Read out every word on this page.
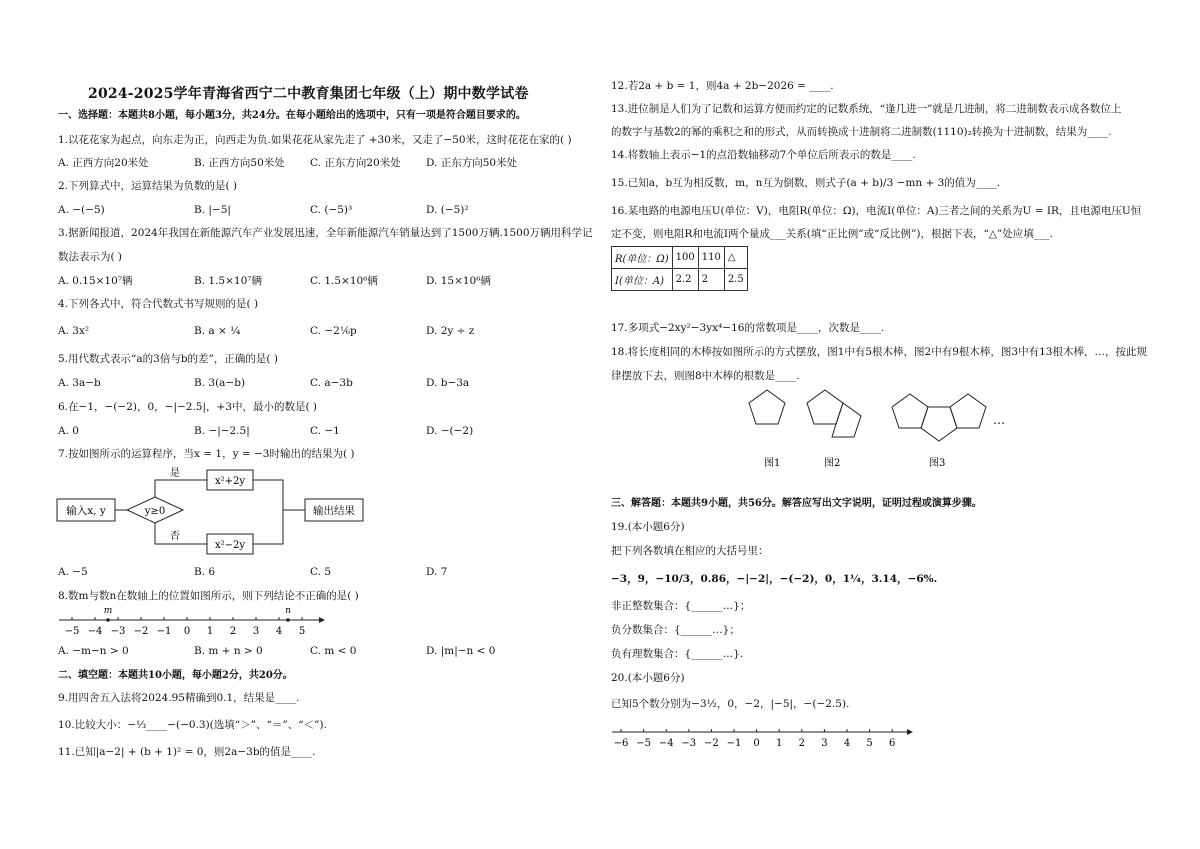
2024-2025学年青海省西宁二中教育集团七年级（上）期中数学试卷
一、选择题：本题共8小题，每小题3分，共24分。在每小题给出的选项中，只有一项是符合题目要求的。
1.以花花家为起点，向东走为正，向西走为负.如果花花从家先走了 +30米，又走了−50米，这时花花在家的( )
A. 正西方向20米处	B. 正西方向50米处 C. 正东方向20米处 D. 正东方向50米处
2.下列算式中，运算结果为负数的是( )
A. −(−5)	B. |−5|	C. (−5)³	D. (−5)²
3.据新闻报道，2024年我国在新能源汽车产业发展迅速，全年新能源汽车销量达到了1500万辆.1500万辆用科学记
数法表示为( )
A. 0.15×10⁷辆	B. 1.5×10⁷辆	C. 1.5×10⁶辆	D. 15×10⁶辆
4.下列各式中，符合代数式书写规则的是( )
A. 3x²	B. a × ¼	C. −2⅙p	D. 2y ÷ z
5.用代数式表示“a的3倍与b的差”，正确的是( )
A. 3a−b	B. 3(a−b)	C. a−3b	D. b−3a
6.在−1，−(−2)，0，−|−2.5|，+3中，最小的数是( )
A. 0	B. −|−2.5|	C. −1	D. −(−2)
7.按如图所示的运算程序，当x = 1，y = −3时输出的结果为( )
输入x, y	y≥0
是
否
x²+2y
x²−2y
输出结果
A. −5	B. 6	C. 5	D. 7
8.数m与数n在数轴上的位置如图所示，则下列结论不正确的是( )
m	n
−5 −4 −3 −2 −1 0 1 2 3 4 5
A. −m−n > 0	B. m + n > 0	C. m < 0	D. |m|−n < 0
二、填空题：本题共10小题，每小题2分，共20分。
9.用四舍五入法将2024.95精确到0.1，结果是____.
10.比较大小：−⅓____−(−0.3)(选填“＞”、“＝”、“＜”).
11.已知|a−2| + (b + 1)² = 0，则2a−3b的值是____.
12.若2a + b = 1，则4a + 2b−2026 = ____.
13.进位制是人们为了记数和运算方便而约定的记数系统，“逢几进一”就是几进制，将二进制数表示成各数位上
的数字与基数2的幂的乘积之和的形式，从而转换成十进制将二进制数(1110)₂转换为十进制数，结果为____.
14.将数轴上表示−1的点沿数轴移动7个单位后所表示的数是____.
15.已知a，b互为相反数，m，n互为倒数，则式子(a + b)/3 −mn + 3的值为____.
16.某电路的电源电压U(单位：V)，电阻R(单位：Ω)，电流I(单位：A)三者之间的关系为U = IR，且电源电压U恒
定不变，则电阻R和电流I两个量成___关系(填“正比例”或“反比例”)，根据下表，“△”处应填___.
R(单位：Ω)	100	110	△
I(单位：A)	2.2	2	2.5
17.多项式−2xy²−3yx⁴−16的常数项是____，次数是____.
18.将长度相同的木棒按如图所示的方式摆放，图1中有5根木棒，图2中有9根木棒，图3中有13根木棒，…，按此规
律摆放下去，则图8中木棒的根数是____.
…
图1	图2	图3
三、解答题：本题共9小题，共56分。解答应写出文字说明，证明过程或演算步骤。
19.(本小题6分)
把下列各数填在相应的大括号里：
−3，9，−10/3，0.86，−|−2|，−(−2)，0，1¼，3.14，−6%.
非正整数集合：{______…}；
负分数集合：{______…}；
负有理数集合：{______…}.
20.(本小题6分)
已知5个数分别为−3½，0，−2，|−5|，−(−2.5).
−6 −5 −4 −3 −2 −1 0 1 2 3 4 5 6
